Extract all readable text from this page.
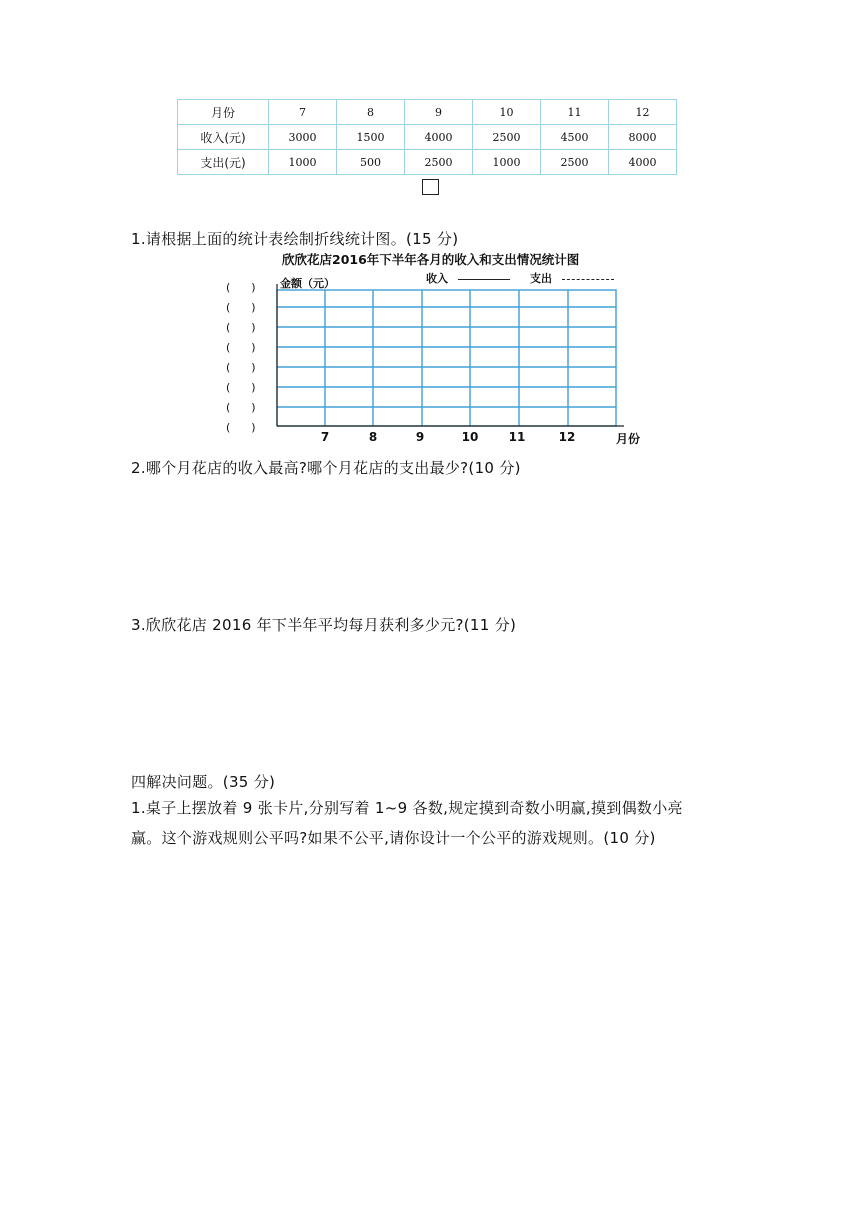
月份	7	8	9	10	11	12
收入(元)	3000	1500	4000	2500	4500	8000
支出(元)	1000	500	2500	1000	2500	4000
1.请根据上面的统计表绘制折线统计图。(15 分)
欣欣花店2016年下半年各月的收入和支出情况统计图
金额（元）	收入	支出
(      )
(      )
(      )
(      )
(      )
(      )
(      )
(      )
7	8	9	10	11	12	月份
2.哪个月花店的收入最高?哪个月花店的支出最少?(10 分)
3.欣欣花店 2016 年下半年平均每月获利多少元?(11 分)
四解决问题。(35 分)
1.桌子上摆放着 9 张卡片,分别写着 1~9 各数,规定摸到奇数小明赢,摸到偶数小亮
赢。这个游戏规则公平吗?如果不公平,请你设计一个公平的游戏规则。(10 分)
